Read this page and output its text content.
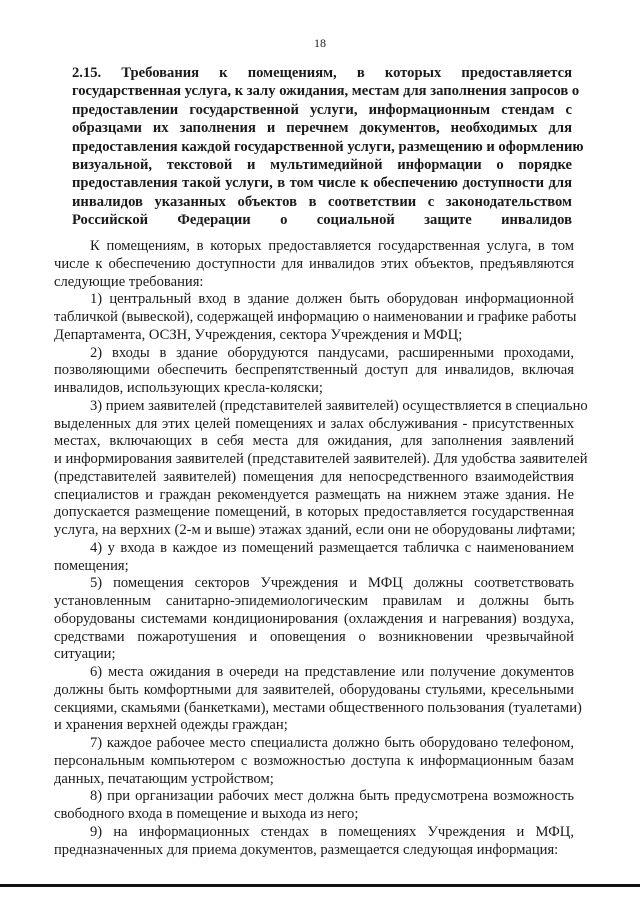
18
2.15. Требования к помещениям, в которых предоставляется
государственная услуга, к залу ожидания, местам для заполнения запросов о
предоставлении государственной услуги, информационным стендам с
образцами их заполнения и перечнем документов, необходимых для
предоставления каждой государственной услуги, размещению и оформлению
визуальной, текстовой и мультимедийной информации о порядке
предоставления такой услуги, в том числе к обеспечению доступности для
инвалидов указанных объектов в соответствии с законодательством
Российской Федерации о социальной защите инвалидов
К помещениям, в которых предоставляется государственная услуга, в том
числе к обеспечению доступности для инвалидов этих объектов, предъявляются
следующие требования:
1) центральный вход в здание должен быть оборудован информационной
табличкой (вывеской), содержащей информацию о наименовании и графике работы
Департамента, ОСЗН, Учреждения, сектора Учреждения и МФЦ;
2) входы в здание оборудуются пандусами, расширенными проходами,
позволяющими обеспечить беспрепятственный доступ для инвалидов, включая
инвалидов, использующих кресла-коляски;
3) прием заявителей (представителей заявителей) осуществляется в специально
выделенных для этих целей помещениях и залах обслуживания - присутственных
местах, включающих в себя места для ожидания, для заполнения заявлений
и информирования заявителей (представителей заявителей). Для удобства заявителей
(представителей заявителей) помещения для непосредственного взаимодействия
специалистов и граждан рекомендуется размещать на нижнем этаже здания. Не
допускается размещение помещений, в которых предоставляется государственная
услуга, на верхних (2-м и выше) этажах зданий, если они не оборудованы лифтами;
4) у входа в каждое из помещений размещается табличка с наименованием
помещения;
5) помещения секторов Учреждения и МФЦ должны соответствовать
установленным санитарно-эпидемиологическим правилам и должны быть
оборудованы системами кондиционирования (охлаждения и нагревания) воздуха,
средствами пожаротушения и оповещения о возникновении чрезвычайной
ситуации;
6) места ожидания в очереди на представление или получение документов
должны быть комфортными для заявителей, оборудованы стульями, кресельными
секциями, скамьями (банкетками), местами общественного пользования (туалетами)
и хранения верхней одежды граждан;
7) каждое рабочее место специалиста должно быть оборудовано телефоном,
персональным компьютером с возможностью доступа к информационным базам
данных, печатающим устройством;
8) при организации рабочих мест должна быть предусмотрена возможность
свободного входа в помещение и выхода из него;
9) на информационных стендах в помещениях Учреждения и МФЦ,
предназначенных для приема документов, размещается следующая информация:
